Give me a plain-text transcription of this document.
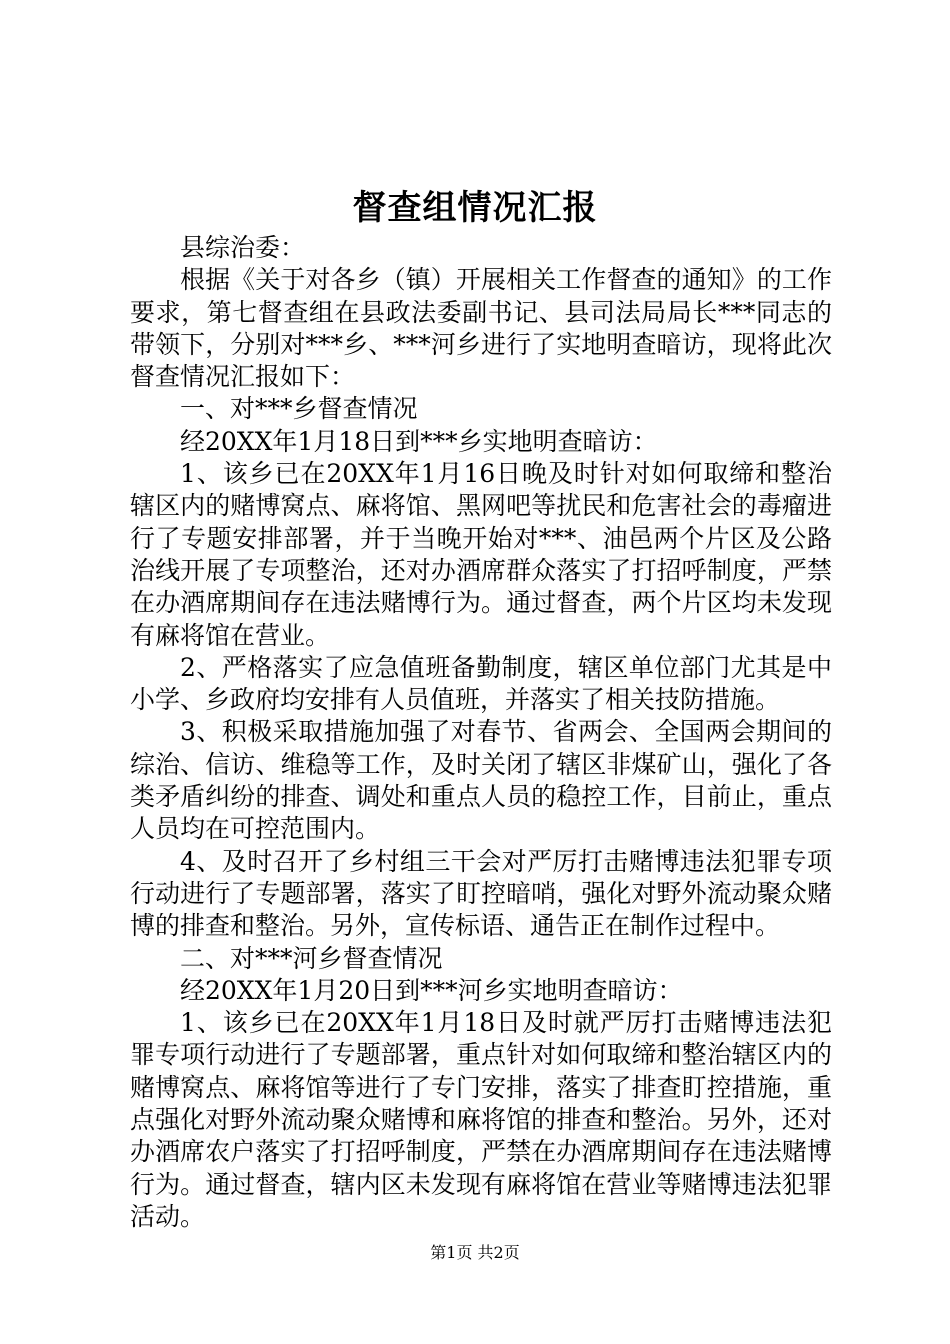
督查组情况汇报

县综治委：

根据《关于对各乡（镇）开展相关工作督查的通知》的工作要求，第七督查组在县政法委副书记、县司法局局长***同志的带领下，分别对***乡、***河乡进行了实地明查暗访，现将此次督查情况汇报如下：

一、对***乡督查情况

经20XX年1月18日到***乡实地明查暗访：

1、该乡已在20XX年1月16日晚及时针对如何取缔和整治辖区内的赌博窝点、麻将馆、黑网吧等扰民和危害社会的毒瘤进行了专题安排部署，并于当晚开始对***、油邑两个片区及公路治线开展了专项整治，还对办酒席群众落实了打招呼制度，严禁在办酒席期间存在违法赌博行为。通过督查，两个片区均未发现有麻将馆在营业。

2、严格落实了应急值班备勤制度，辖区单位部门尤其是中小学、乡政府均安排有人员值班，并落实了相关技防措施。

3、积极采取措施加强了对春节、省两会、全国两会期间的综治、信访、维稳等工作，及时关闭了辖区非煤矿山，强化了各类矛盾纠纷的排查、调处和重点人员的稳控工作，目前止，重点人员均在可控范围内。

4、及时召开了乡村组三干会对严厉打击赌博违法犯罪专项行动进行了专题部署，落实了盯控暗哨，强化对野外流动聚众赌博的排查和整治。另外，宣传标语、通告正在制作过程中。

二、对***河乡督查情况

经20XX年1月20日到***河乡实地明查暗访：

1、该乡已在20XX年1月18日及时就严厉打击赌博违法犯罪专项行动进行了专题部署，重点针对如何取缔和整治辖区内的赌博窝点、麻将馆等进行了专门安排，落实了排查盯控措施，重点强化对野外流动聚众赌博和麻将馆的排查和整治。另外，还对办酒席农户落实了打招呼制度，严禁在办酒席期间存在违法赌博行为。通过督查，辖内区未发现有麻将馆在营业等赌博违法犯罪活动。

第1页 共2页
